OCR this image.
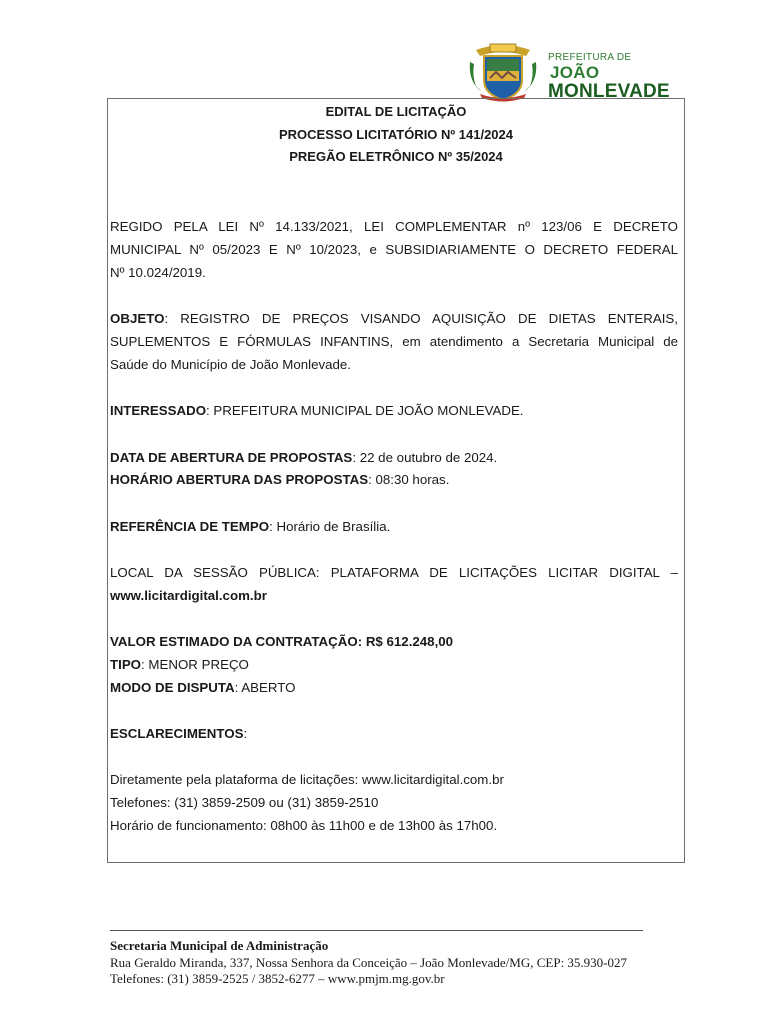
PREFEITURA DE JOÃO
MONLEVADE
EDITAL DE LICITAÇÃO
PROCESSO LICITATÓRIO Nº 141/2024
PREGÃO ELETRÔNICO Nº 35/2024
REGIDO PELA LEI Nº 14.133/2021, LEI COMPLEMENTAR nº 123/06 E DECRETO
MUNICIPAL Nº 05/2023 E Nº 10/2023, e SUBSIDIARIAMENTE O DECRETO FEDERAL
Nº 10.024/2019.
OBJETO: REGISTRO DE PREÇOS VISANDO AQUISIÇÃO DE DIETAS ENTERAIS,
SUPLEMENTOS E FÓRMULAS INFANTINS, em atendimento a Secretaria Municipal de
Saúde do Município de João Monlevade.
INTERESSADO: PREFEITURA MUNICIPAL DE JOÃO MONLEVADE.
DATA DE ABERTURA DE PROPOSTAS: 22 de outubro de 2024.
HORÁRIO ABERTURA DAS PROPOSTAS: 08:30 horas.
REFERÊNCIA DE TEMPO: Horário de Brasília.
LOCAL DA SESSÃO PÚBLICA: PLATAFORMA DE LICITAÇÕES LICITAR DIGITAL –
www.licitardigital.com.br
VALOR ESTIMADO DA CONTRATAÇÃO: R$ 612.248,00
TIPO: MENOR PREÇO
MODO DE DISPUTA: ABERTO
ESCLARECIMENTOS:
Diretamente pela plataforma de licitações: www.licitardigital.com.br
Telefones: (31) 3859-2509 ou (31) 3859-2510
Horário de funcionamento: 08h00 às 11h00 e de 13h00 às 17h00.
Secretaria Municipal de Administração
Rua Geraldo Miranda, 337, Nossa Senhora da Conceição – João Monlevade/MG, CEP: 35.930-027
Telefones: (31) 3859-2525 / 3852-6277 – www.pmjm.mg.gov.br
